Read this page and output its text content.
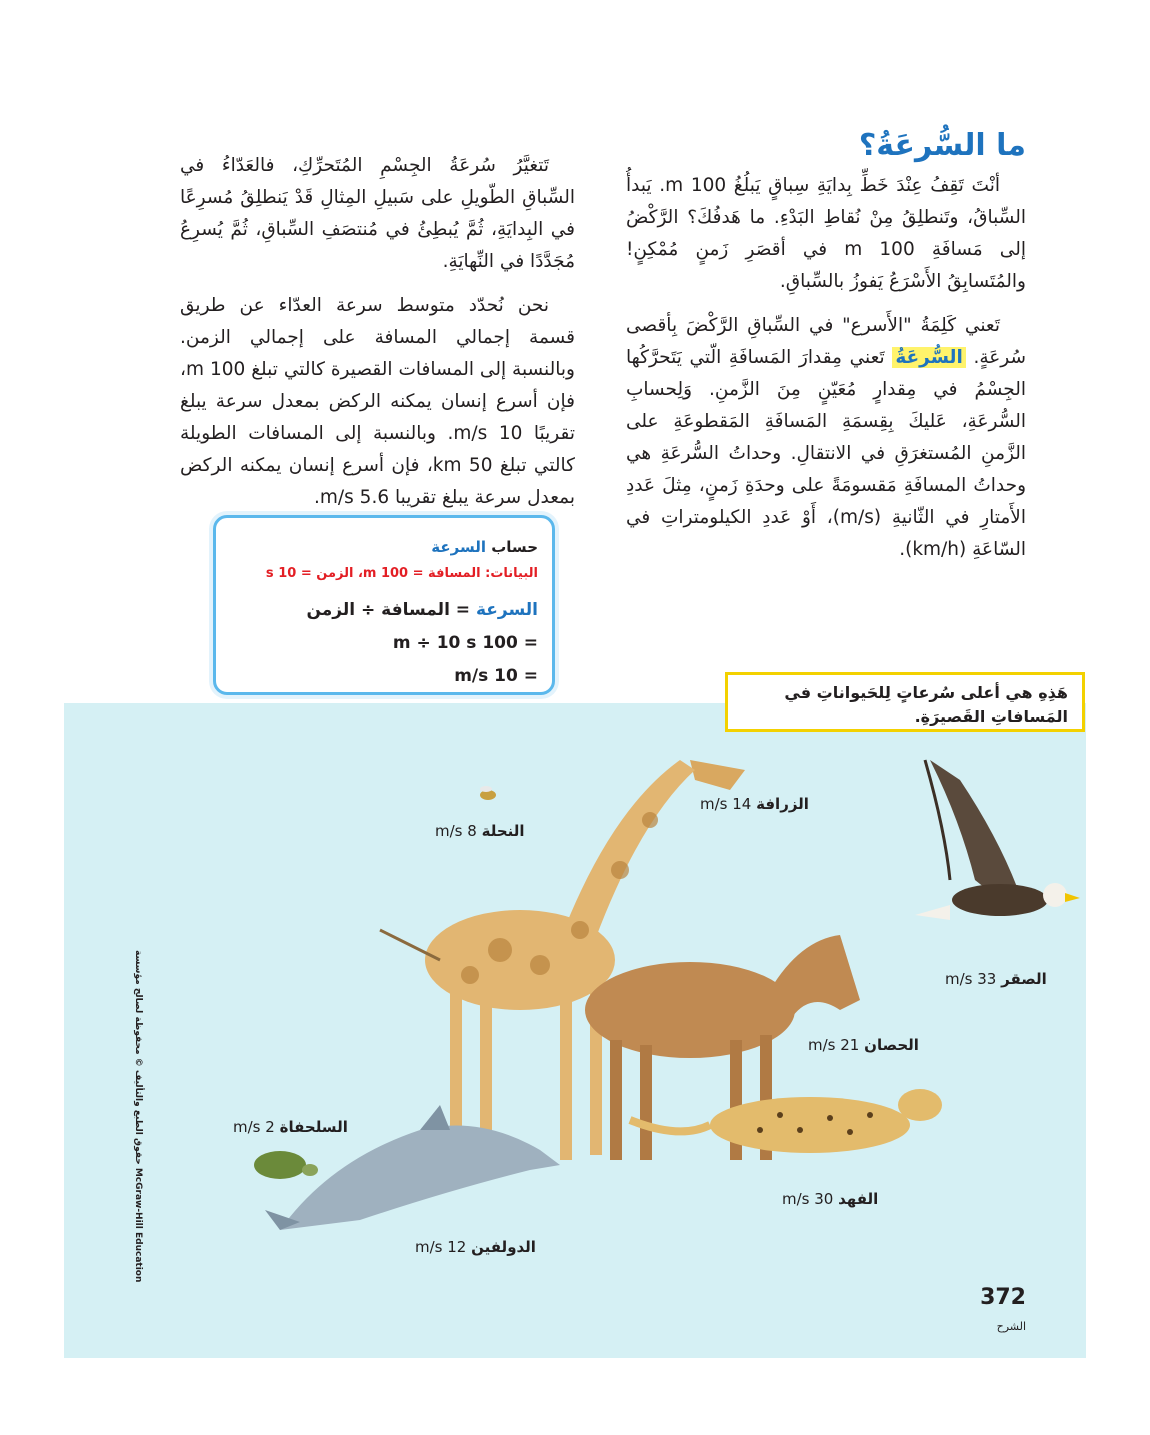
ما السُّرعَةُ؟

أنْتَ تَقِفُ عِنْدَ خَطِّ بِدايَةِ سِباقٍ يَبلُغُ 100 m. يَبدأُ السِّباقُ، وتَنطلِقُ مِنْ نُقاطِ البَدْءِ. ما هَدفُكَ؟ الرَّكْضُ إلى مَسافَةِ 100 m في أقصَرِ زَمنٍ مُمْكِنٍ! والمُتَسابِقُ الأَسْرَعُ يَفوزُ بالسِّباقِ.

تَعني كَلِمَةُ "الأَسرع" في السِّباقِ الرَّكْضَ بِأقصى سُرعَةٍ. السُّرعَةُ تَعني مِقدارَ المَسافَةِ الّتي يَتَحرَّكُها الجِسْمُ في مِقدارٍ مُعَيّنٍ مِنَ الزَّمنِ. وَلِحسابِ السُّرعَةِ، عَليكَ بِقِسمَةِ المَسافَةِ المَقطوعَةِ على الزَّمنِ المُستغرَقِ في الانتقالِ. وحداتُ السُّرعَةِ هي وحداتُ المسافَةِ مَقسومَةً على وحدَةِ زَمنٍ، مِثلَ عَددِ الأَمتارِ في الثّانيةِ (m/s)، أَوْ عَددِ الكيلومتراتِ في السّاعَةِ (km/h).

تَتغيَّرُ سُرعَةُ الجِسْمِ المُتَحرِّكِ، فالعَدّاءُ في السِّباقِ الطّويلِ على سَبيلِ المِثالِ قَدْ يَنطلِقُ مُسرِعًا في البِدايَةِ، ثُمَّ يُبطِئُ في مُنتصَفِ السِّباقِ، ثُمَّ يُسرِعُ مُجَدَّدًا في النِّهايَةِ.

نحن نُحدّد متوسط سرعة العدّاء عن طريق قسمة إجمالي المسافة على إجمالي الزمن. وبالنسبة إلى المسافات القصيرة كالتي تبلغ 100 m، فإن أسرع إنسان يمكنه الركض بمعدل سرعة يبلغ تقريبًا 10 m/s. وبالنسبة إلى المسافات الطويلة كالتي تبلغ 50 km، فإن أسرع إنسان يمكنه الركض بمعدل سرعة يبلغ تقريبا 5.6 m/s.

حساب السرعة
البيانات: المسافة = 100 m، الزمن = 10 s
السرعة = المسافة ÷ الزمن
= 100 m ÷ 10 s
= 10 m/s
هَذِهِ هي أعلى سُرعاتٍ لِلحَيواناتِ في المَسافاتِ القَصيرَةِ.
الزرافة 14 m/s
النحلة 8 m/s
الصقر 33 m/s
الحصان 21 m/s
السلحفاة 2 m/s
الفهد 30 m/s
الدولفين 12 m/s
حقوق الطبع والتأليف © محفوظة لصالح مؤسسة McGraw-Hill Education
372
الشرح
